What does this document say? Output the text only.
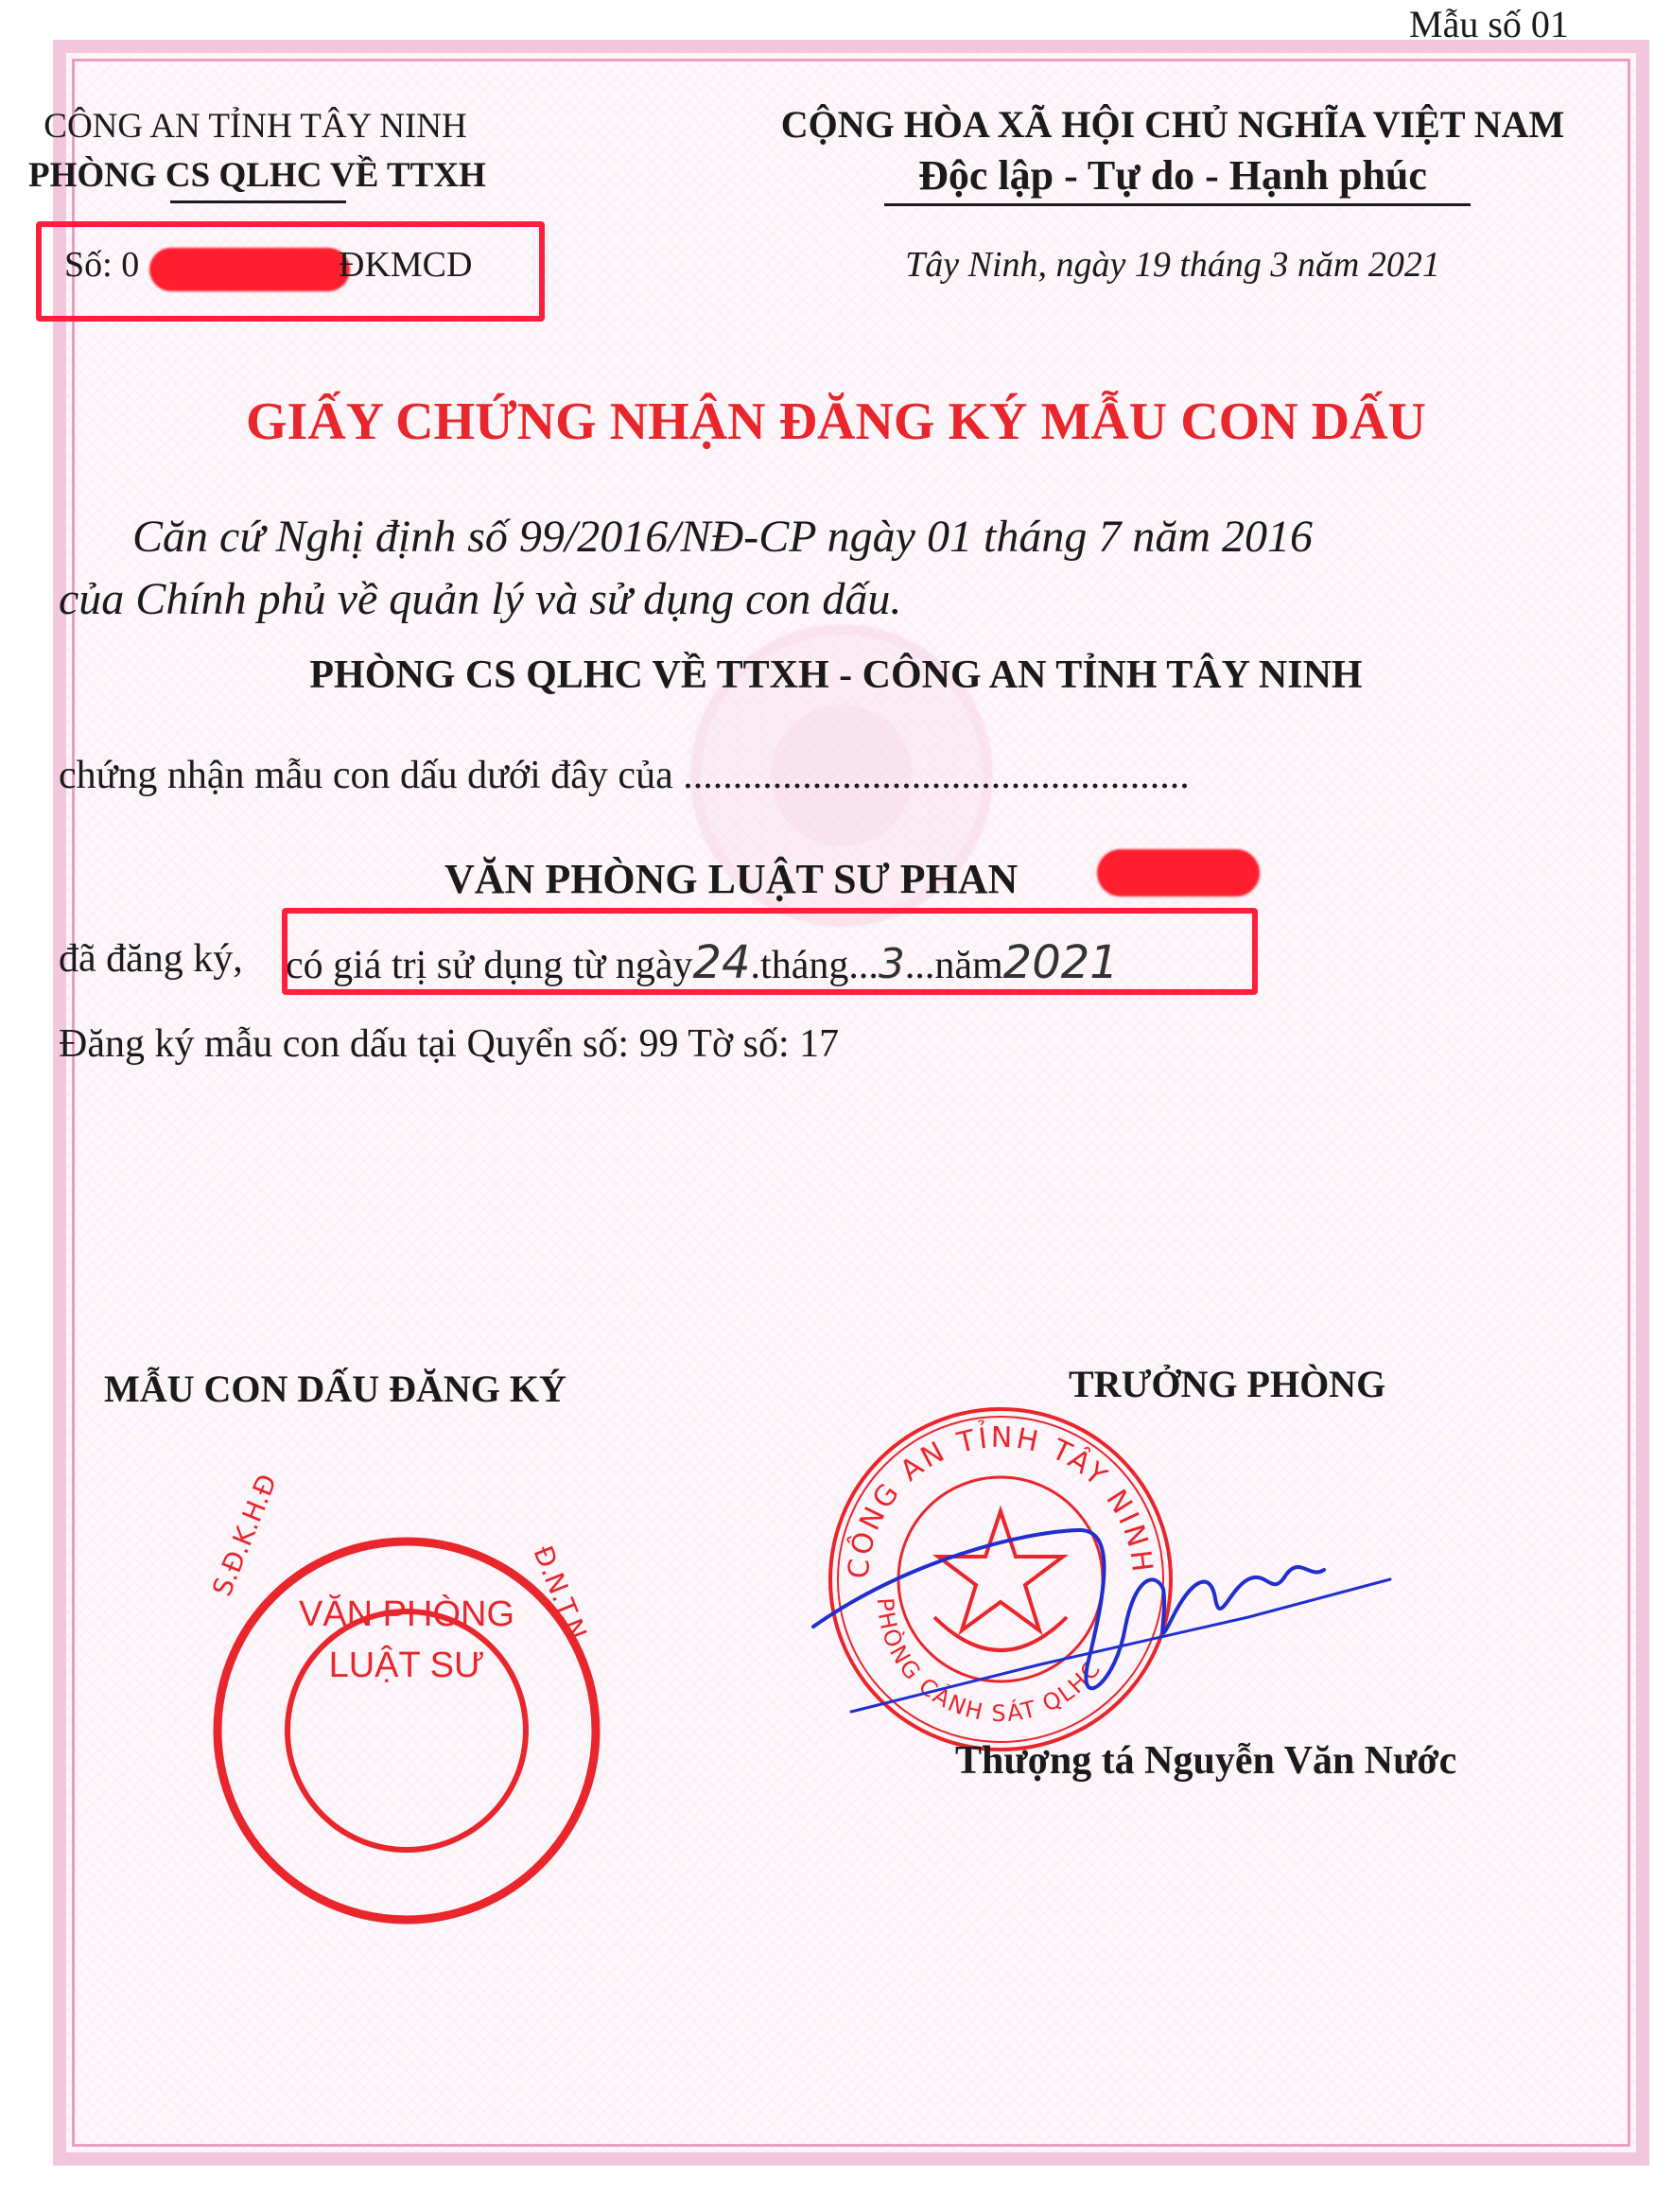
Mẫu số 01
CÔNG AN TỈNH TÂY NINH
PHÒNG CS QLHC VỀ TTXH
Số: 0	ĐKMCD
CỘNG HÒA XÃ HỘI CHỦ NGHĨA VIỆT NAM
Độc lập - Tự do - Hạnh phúc
Tây Ninh, ngày 19 tháng 3 năm 2021
GIẤY CHỨNG NHẬN ĐĂNG KÝ MẪU CON DẤU
Căn cứ Nghị định số 99/2016/NĐ-CP ngày 01 tháng 7 năm 2016
của Chính phủ về quản lý và sử dụng con dấu.
PHÒNG CS QLHC VỀ TTXH - CÔNG AN TỈNH TÂY NINH
chứng nhận mẫu con dấu dưới đây của ...................................................
VĂN PHÒNG LUẬT SƯ PHAN
đã đăng ký, có giá trị sử dụng từ ngày24.tháng...3...năm2021
Đăng ký mẫu con dấu tại Quyển số: 99 Tờ số: 17
MẪU CON DẤU ĐĂNG KÝ
S.Đ.K.H.Đ	Đ.N.T.N
VĂN PHÒNG
LUẬT SƯ
TRƯỞNG PHÒNG
CÔNG AN TỈNH TÂY NINH
PHÒNG CẢNH SÁT QLHC
Thượng tá Nguyễn Văn Nước
